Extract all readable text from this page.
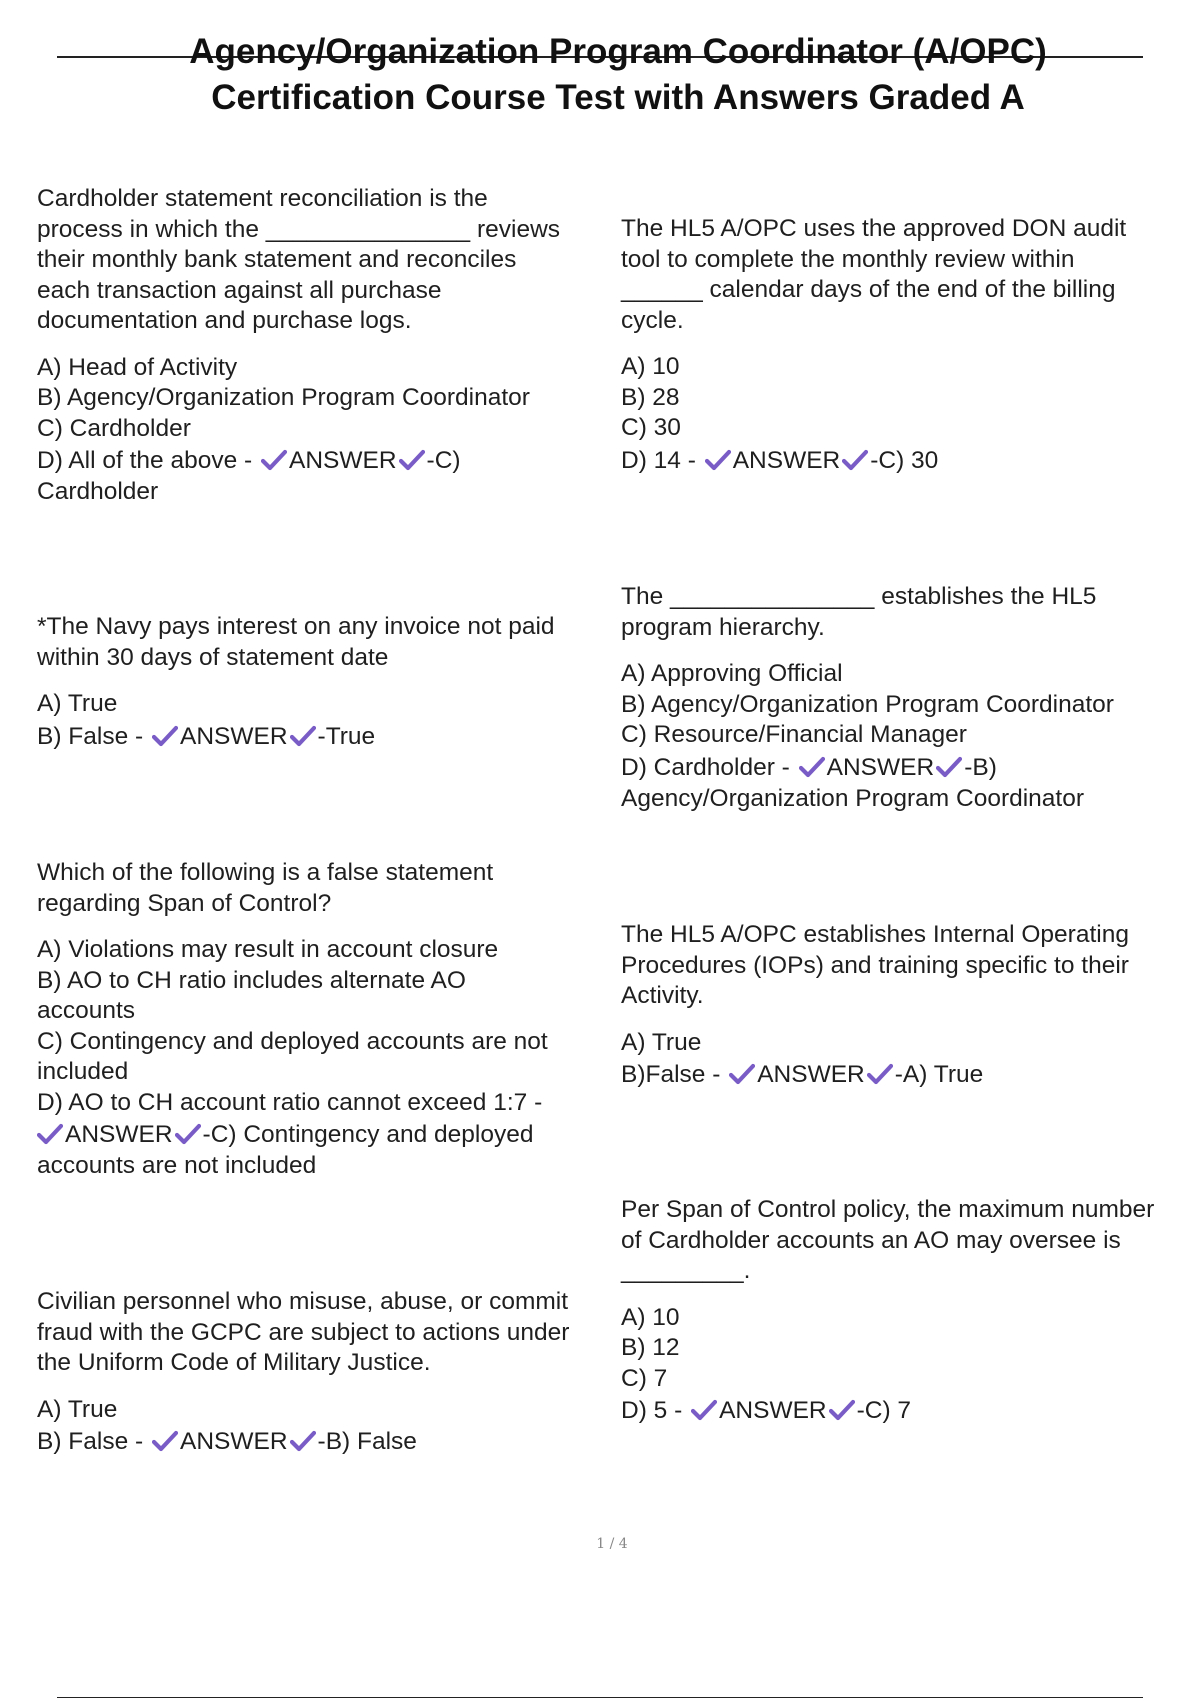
Agency/Organization Program Coordinator (A/OPC)
Certification Course Test with Answers Graded A
Cardholder statement reconciliation is the
process in which the _______________ reviews
their monthly bank statement and reconciles
each transaction against all purchase
documentation and purchase logs.
A) Head of Activity
B) Agency/Organization Program Coordinator
C) Cardholder
D) All of the above -
ANSWER -C)
Cardholder
*The Navy pays interest on any invoice not paid
within 30 days of statement date
A) True
B) False -
ANSWER -True
Which of the following is a false statement
regarding Span of Control?
A) Violations may result in account closure
B) AO to CH ratio includes alternate AO
accounts
C) Contingency and deployed accounts are not
included
D) AO to CH account ratio cannot exceed 1:7 -
ANSWER -C) Contingency and deployed
accounts are not included
Civilian personnel who misuse, abuse, or commit
fraud with the GCPC are subject to actions under
the Uniform Code of Military Justice.
A) True
B) False -
ANSWER -B) False
The HL5 A/OPC uses the approved DON audit
tool to complete the monthly review within
______ calendar days of the end of the billing
cycle.
A) 10
B) 28
C) 30
D) 14 -
ANSWER -C) 30
The _______________ establishes the HL5
program hierarchy.
A) Approving Official
B) Agency/Organization Program Coordinator
C) Resource/Financial Manager
D) Cardholder -
ANSWER -B)
Agency/Organization Program Coordinator
The HL5 A/OPC establishes Internal Operating
Procedures (IOPs) and training specific to their
Activity.
A) True
B)False -
ANSWER -A) True
Per Span of Control policy, the maximum number
of Cardholder accounts an AO may oversee is
_________.
A) 10
B) 12
C) 7
D) 5 -
ANSWER -C) 7
1 / 4
